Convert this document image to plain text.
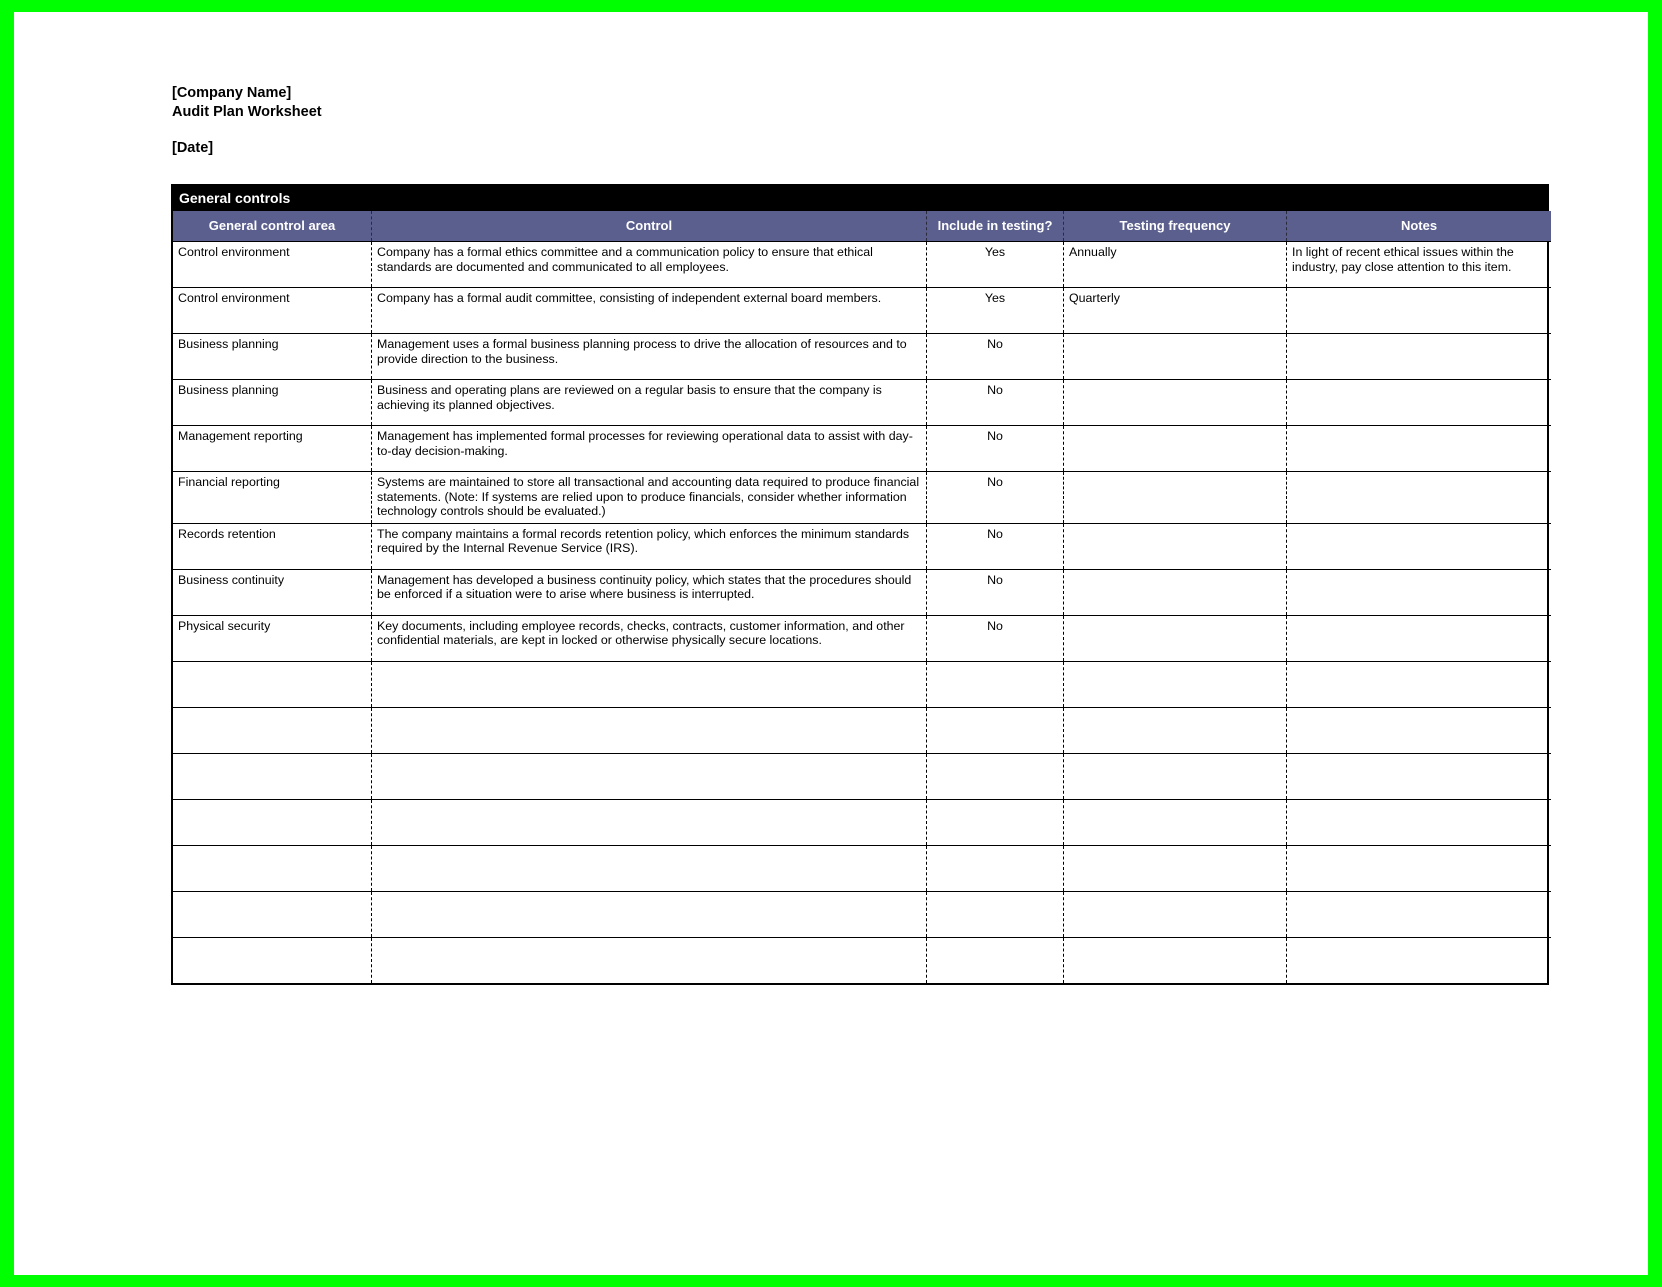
[Company Name]
Audit Plan Worksheet
[Date]
General controls
General control area	Control	Include in testing?	Testing frequency	Notes
Control environment	Company has a formal ethics committee and a communication policy to ensure that ethical standards are documented and communicated to all employees.	Yes	Annually	In light of recent ethical issues within the industry, pay close attention to this item.
Control environment	Company has a formal audit committee, consisting of independent external board members.	Yes	Quarterly	
Business planning	Management uses a formal business planning process to drive the allocation of resources and to provide direction to the business.	No		
Business planning	Business and operating plans are reviewed on a regular basis to ensure that the company is achieving its planned objectives.	No		
Management reporting	Management has implemented formal processes for reviewing operational data to assist with day-to-day decision-making.	No		
Financial reporting	Systems are maintained to store all transactional and accounting data required to produce financial statements. (Note: If systems are relied upon to produce financials, consider whether information technology controls should be evaluated.)	No		
Records retention	The company maintains a formal records retention policy, which enforces the minimum standards required by the Internal Revenue Service (IRS).	No		
Business continuity	Management has developed a business continuity policy, which states that the procedures should be enforced if a situation were to arise where business is interrupted.	No		
Physical security	Key documents, including employee records, checks, contracts, customer information, and other confidential materials, are kept in locked or otherwise physically secure locations.	No		
